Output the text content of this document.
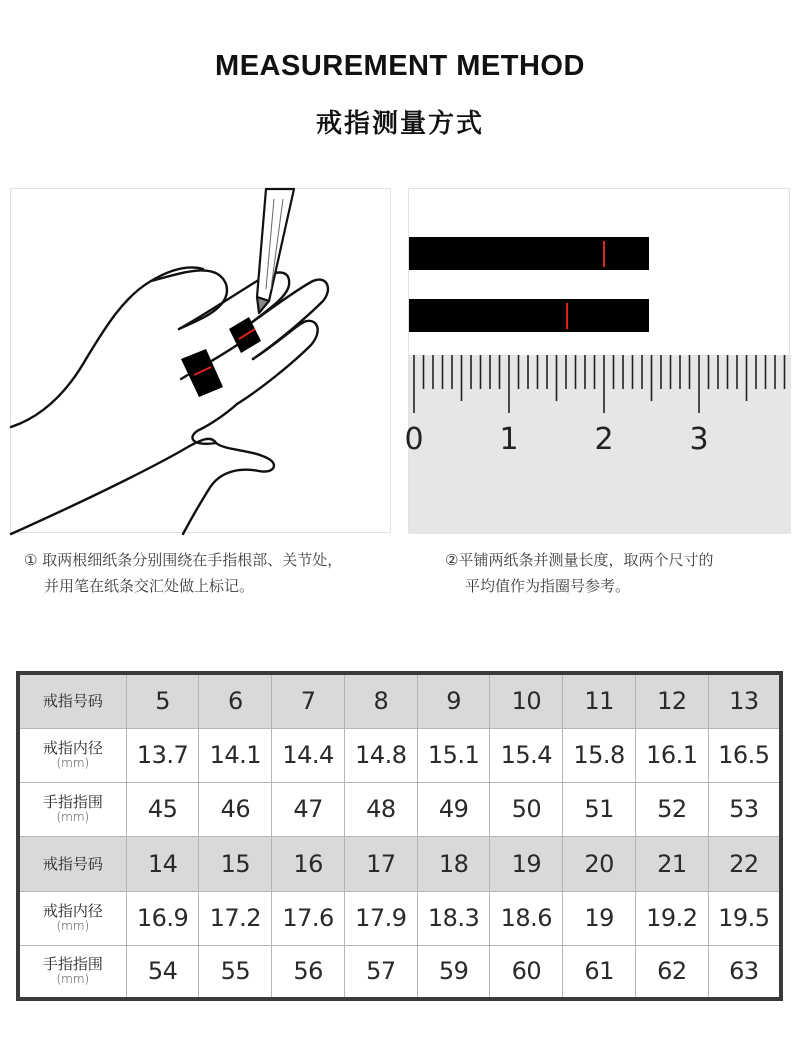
MEASUREMENT METHOD
戒指测量方式
0	1	2	3
① 取两根细纸条分别围绕在手指根部、关节处，
并用笔在纸条交汇处做上标记。
②平铺两纸条并测量长度，取两个尺寸的
平均值作为指圈号参考。
戒指号码	5	6	7	8	9	10	11	12	13
戒指内径
(mm)	13.7	14.1	14.4	14.8	15.1	15.4	15.8	16.1	16.5
手指指围
(mm)	45	46	47	48	49	50	51	52	53
戒指号码	14	15	16	17	18	19	20	21	22
戒指内径
(mm)	16.9	17.2	17.6	17.9	18.3	18.6	19	19.2	19.5
手指指围
(mm)	54	55	56	57	59	60	61	62	63
